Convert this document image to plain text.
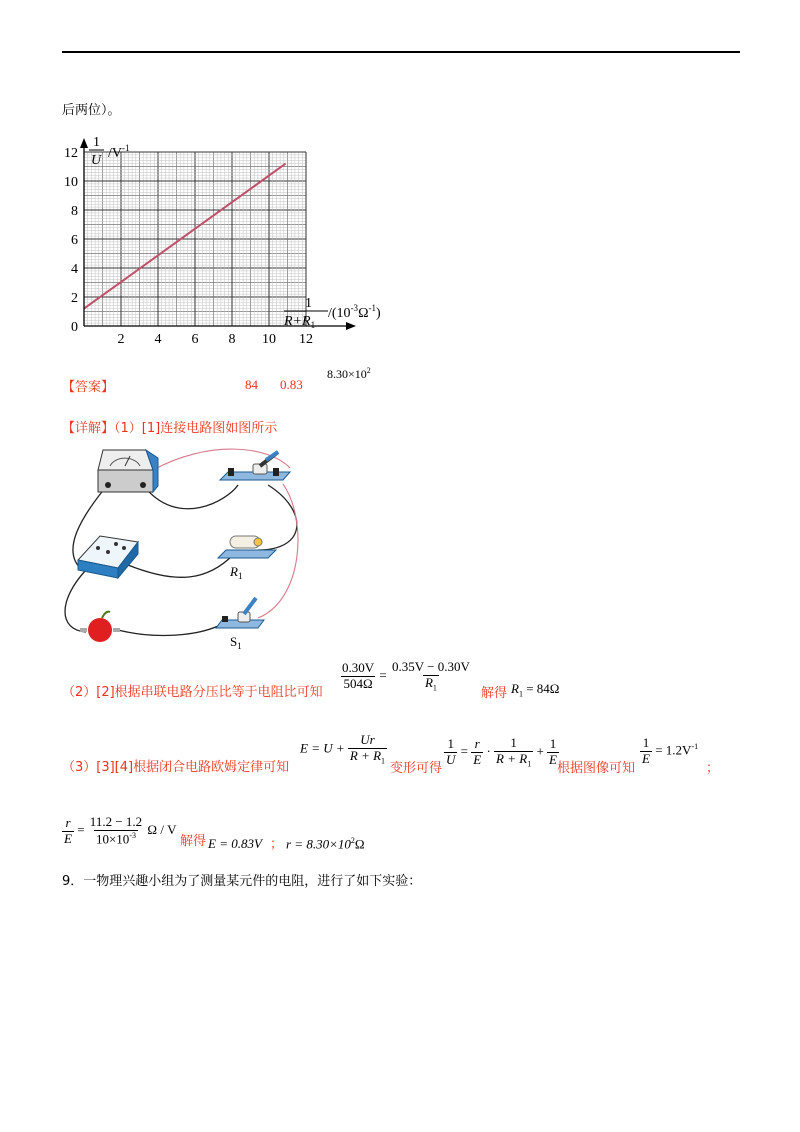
后两位）。
0
2
4
6
8
10
12
2 4 6 8 10 12
1
U $/V^{-1}$
1
$R+R_1$
$/(10^{-3}\Omega^{-1})$
【答案】	84 0.83
$8.30\times 10^2$
【详解】（1）[1]连接电路图如图所示
$R_1$
$S_1$
（2）[2]根据串联电路分压比等于电阻比可知
$\frac{0.30V}{504\Omega} = \frac{0.35V - 0.30V}{R_1}$
解得 $R_1 = 84\Omega$
（3）[3][4]根据闭合电路欧姆定律可知
$E = U + \frac{Ur}{R + R_1}$
变形可得
$\frac{1}{U} = \frac{r}{E} \cdot \frac{1}{R + R_1} + \frac{1}{E}$
根据图像可知
$\frac{1}{E} = 1.2V^{-1}$
；
$\frac{r}{E} = \frac{11.2 - 1.2}{10\times 10^{-3}}$ Ω / V
解得 E = 0.83V ； $r = 8.30\times 10^2\Omega$
9．一物理兴趣小组为了测量某元件的电阻，进行了如下实验：
